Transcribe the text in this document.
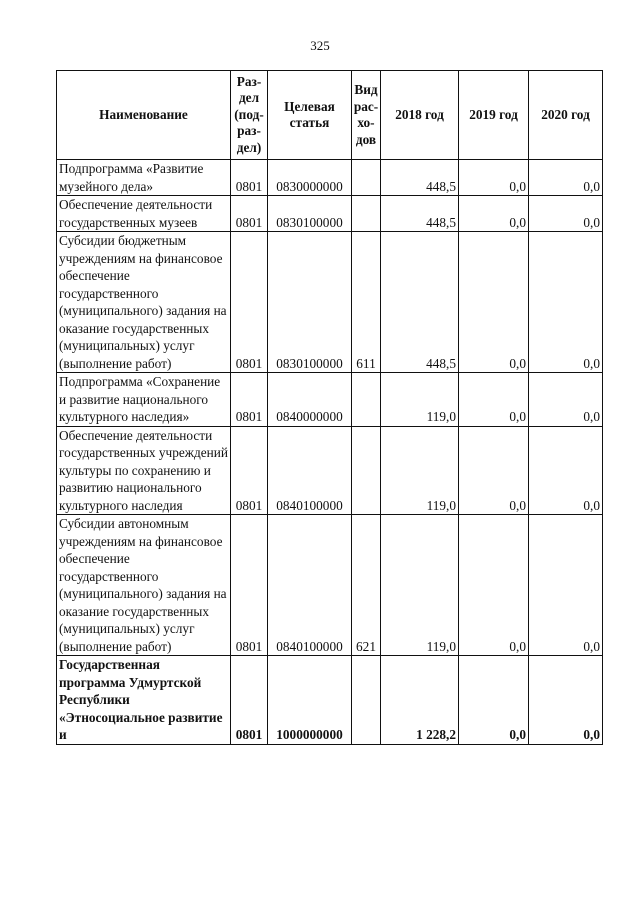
325
Наименование	Раз-дел (под-раз-дел)	Целевая статья	Вид рас-хо-дов	2018 год	2019 год	2020 год
Подпрограмма «Развитие музейного дела»	0801	0830000000		448,5	0,0	0,0
Обеспечение деятельности государственных музеев	0801	0830100000		448,5	0,0	0,0
Субсидии бюджетным учреждениям на финансовое обеспечение государственного (муниципального) задания на оказание государственных (муниципальных) услуг (выполнение работ)	0801	0830100000	611	448,5	0,0	0,0
Подпрограмма «Сохранение и развитие национального культурного наследия»	0801	0840000000		119,0	0,0	0,0
Обеспечение деятельности государственных учреждений культуры по сохранению и развитию национального культурного наследия	0801	0840100000		119,0	0,0	0,0
Субсидии автономным учреждениям на финансовое обеспечение государственного (муниципального) задания на оказание государственных (муниципальных) услуг (выполнение работ)	0801	0840100000	621	119,0	0,0	0,0
Государственная программа Удмуртской Республики «Этносоциальное развитие и	0801	1000000000		1 228,2	0,0	0,0
